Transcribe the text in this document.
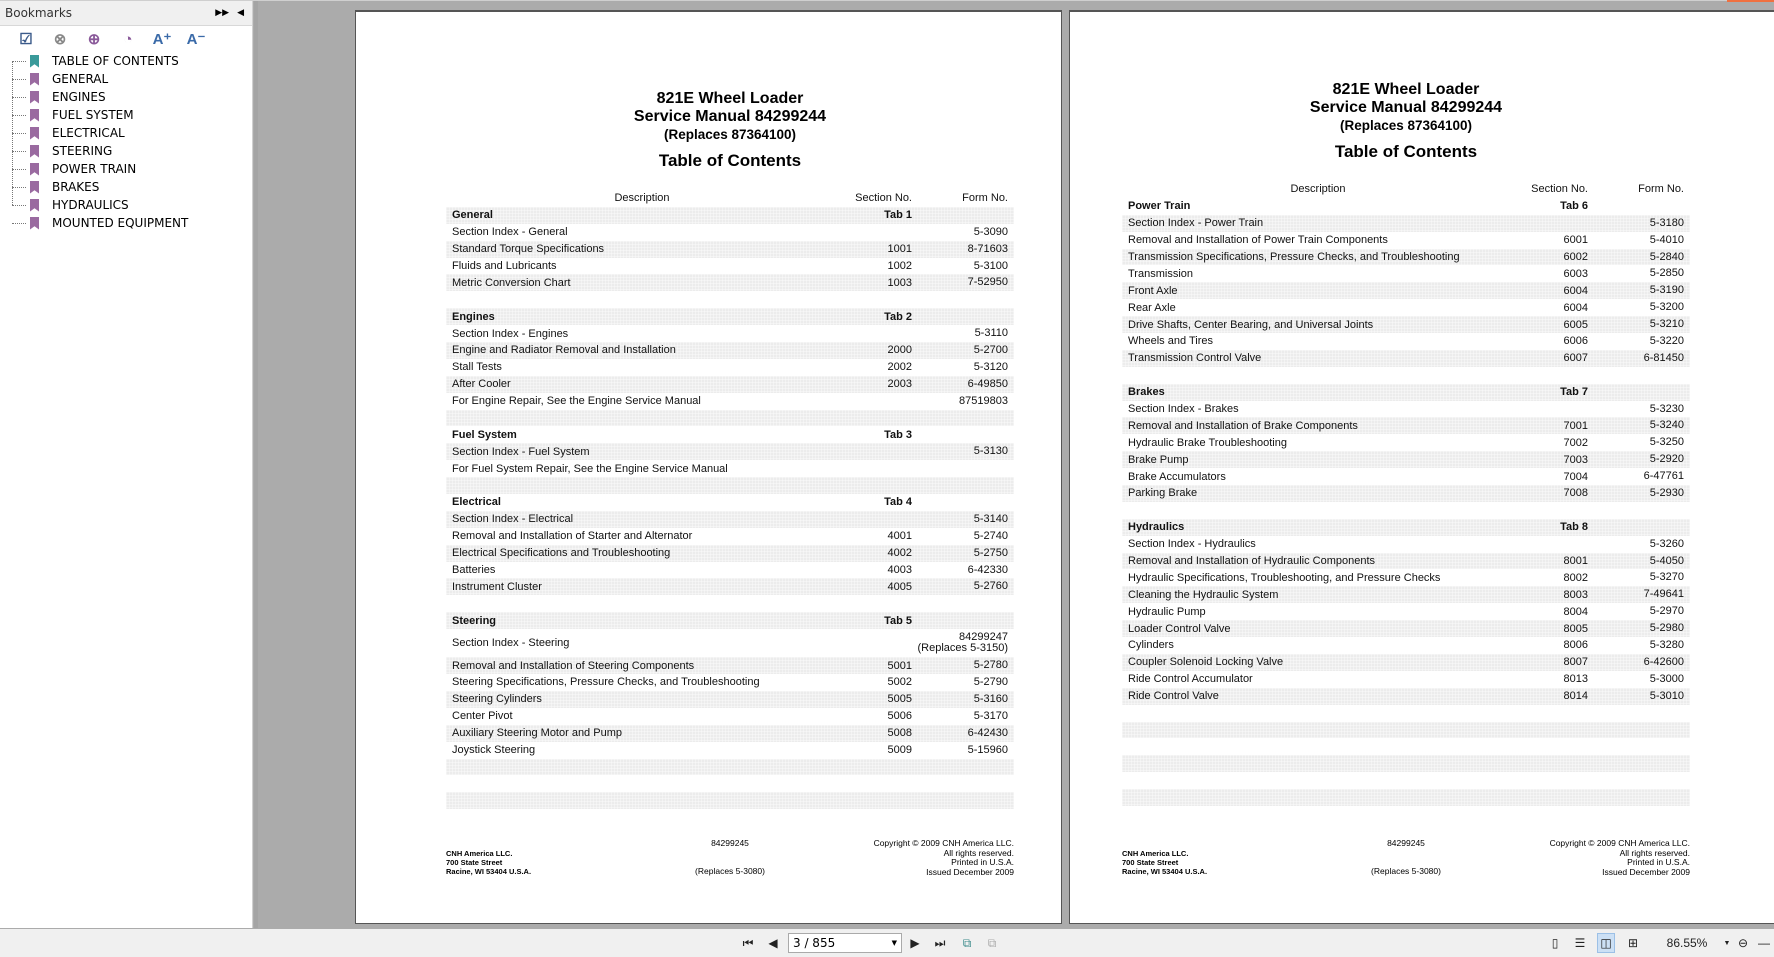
Bookmarks	▶▶ ◀
☑	⊗	⊕	◔	A⁺	A⁻
TABLE OF CONTENTS
GENERAL
ENGINES
FUEL SYSTEM
ELECTRICAL
STEERING
POWER TRAIN
BRAKES
HYDRAULICS
MOUNTED EQUIPMENT
821E Wheel Loader
Service Manual 84299244
(Replaces 87364100)
Table of Contents
Description	Section No.	Form No.
General	Tab 1
Section Index - General	5-3090
Standard Torque Specifications	1001	8-71603
Fluids and Lubricants	1002	5-3100
Metric Conversion Chart	1003	7-52950
Engines	Tab 2
Section Index - Engines	5-3110
Engine and Radiator Removal and Installation	2000	5-2700
Stall Tests	2002	5-3120
After Cooler	2003	6-49850
For Engine Repair, See the Engine Service Manual	87519803
Fuel System	Tab 3
Section Index - Fuel System	5-3130
For Fuel System Repair, See the Engine Service Manual
Electrical	Tab 4
Section Index - Electrical	5-3140
Removal and Installation of Starter and Alternator	4001	5-2740
Electrical Specifications and Troubleshooting	4002	5-2750
Batteries	4003	6-42330
Instrument Cluster	4005	5-2760
Steering	Tab 5
Section Index - Steering	84299247
(Replaces 5-3150)
Removal and Installation of Steering Components	5001	5-2780
Steering Specifications, Pressure Checks, and Troubleshooting	5002	5-2790
Steering Cylinders	5005	5-3160
Center Pivot	5006	5-3170
Auxiliary Steering Motor and Pump	5008	6-42430
Joystick Steering	5009	5-15960
CNH America LLC.
700 State Street
Racine, WI 53404 U.S.A.
84299245
(Replaces 5-3080)
Copyright © 2009 CNH America LLC.
All rights reserved.
Printed in U.S.A.
Issued December 2009
821E Wheel Loader
Service Manual 84299244
(Replaces 87364100)
Table of Contents
Description	Section No.	Form No.
Power Train	Tab 6
Section Index - Power Train	5-3180
Removal and Installation of Power Train Components	6001	5-4010
Transmission Specifications, Pressure Checks, and Troubleshooting	6002	5-2840
Transmission	6003	5-2850
Front Axle	6004	5-3190
Rear Axle	6004	5-3200
Drive Shafts, Center Bearing, and Universal Joints	6005	5-3210
Wheels and Tires	6006	5-3220
Transmission Control Valve	6007	6-81450
Brakes	Tab 7
Section Index - Brakes	5-3230
Removal and Installation of Brake Components	7001	5-3240
Hydraulic Brake Troubleshooting	7002	5-3250
Brake Pump	7003	5-2920
Brake Accumulators	7004	6-47761
Parking Brake	7008	5-2930
Hydraulics	Tab 8
Section Index - Hydraulics	5-3260
Removal and Installation of Hydraulic Components	8001	5-4050
Hydraulic Specifications, Troubleshooting, and Pressure Checks	8002	5-3270
Cleaning the Hydraulic System	8003	7-49641
Hydraulic Pump	8004	5-2970
Loader Control Valve	8005	5-2980
Cylinders	8006	5-3280
Coupler Solenoid Locking Valve	8007	6-42600
Ride Control Accumulator	8013	5-3000
Ride Control Valve	8014	5-3010
CNH America LLC.
700 State Street
Racine, WI 53404 U.S.A.
84299245
(Replaces 5-3080)
Copyright © 2009 CNH America LLC.
All rights reserved.
Printed in U.S.A.
Issued December 2009
⏮ ◀ 3 / 855	▼ ▶ ⏭	⧉	⧉	▯	☰	◫	⊞	86.55%	▼ ⊖ —
